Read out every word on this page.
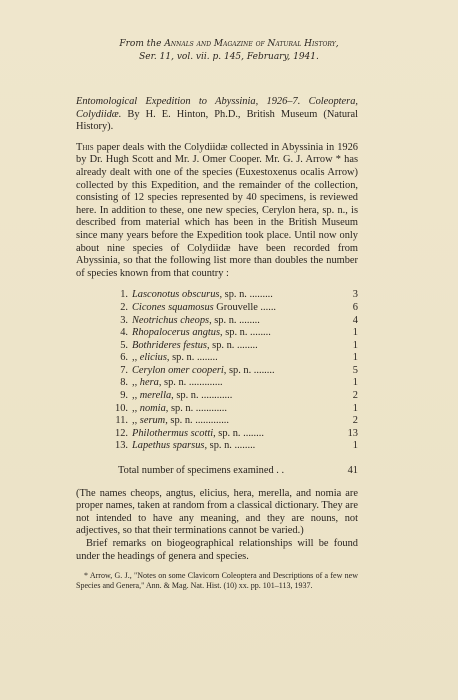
From the Annals and Magazine of Natural History,
Ser. 11, vol. vii. p. 145, February, 1941.
Entomological Expedition to Abyssinia, 1926–7. Coleoptera, Colydiidæ. By H. E. Hinton, Ph.D., British Museum (Natural History).

This paper deals with the Colydiidæ collected in Abyssinia in 1926 by Dr. Hugh Scott and Mr. J. Omer Cooper. Mr. G. J. Arrow * has already dealt with one of the species (Euxestoxenus ocalis Arrow) collected by this Expedition, and the remainder of the collection, consisting of 12 species represented by 40 specimens, is reviewed here. In addition to these, one new species, Cerylon hera, sp. n., is described from material which has been in the British Museum since many years before the Expedition took place. Until now only about nine species of Colydiidæ have been recorded from Abyssinia, so that the following list more than doubles the number of species known from that country :

1. Lasconotus obscurus, sp. n. .........	3
2. Cicones squamosus Grouvelle ......	6
3. Neotrichus cheops, sp. n. ........	4
4. Rhopalocerus angtus, sp. n. ........	1
5. Bothrideres festus, sp. n. ........	1
6. ,, elicius, sp. n. ........	1
7. Cerylon omer cooperi, sp. n. ........	5
8. ,, hera, sp. n. .............	1
9. ,, merella, sp. n. ............	2
10. ,, nomia, sp. n. ............	1
11. ,, serum, sp. n. .............	2
12. Philothermus scotti, sp. n. ........	13
13. Lapethus sparsus, sp. n. ........	1
Total number of specimens examined . .	41

(The names cheops, angtus, elicius, hera, merella, and nomia are proper names, taken at random from a classical dictionary. They are not intended to have any meaning, and they are nouns, not adjectives, so that their terminations cannot be varied.)

Brief remarks on biogeographical relationships will be found under the headings of genera and species.

* Arrow, G. J., "Notes on some Clavicorn Coleoptera and Descriptions of a few new Species and Genera," Ann. & Mag. Nat. Hist. (10) xx. pp. 101–113, 1937.
